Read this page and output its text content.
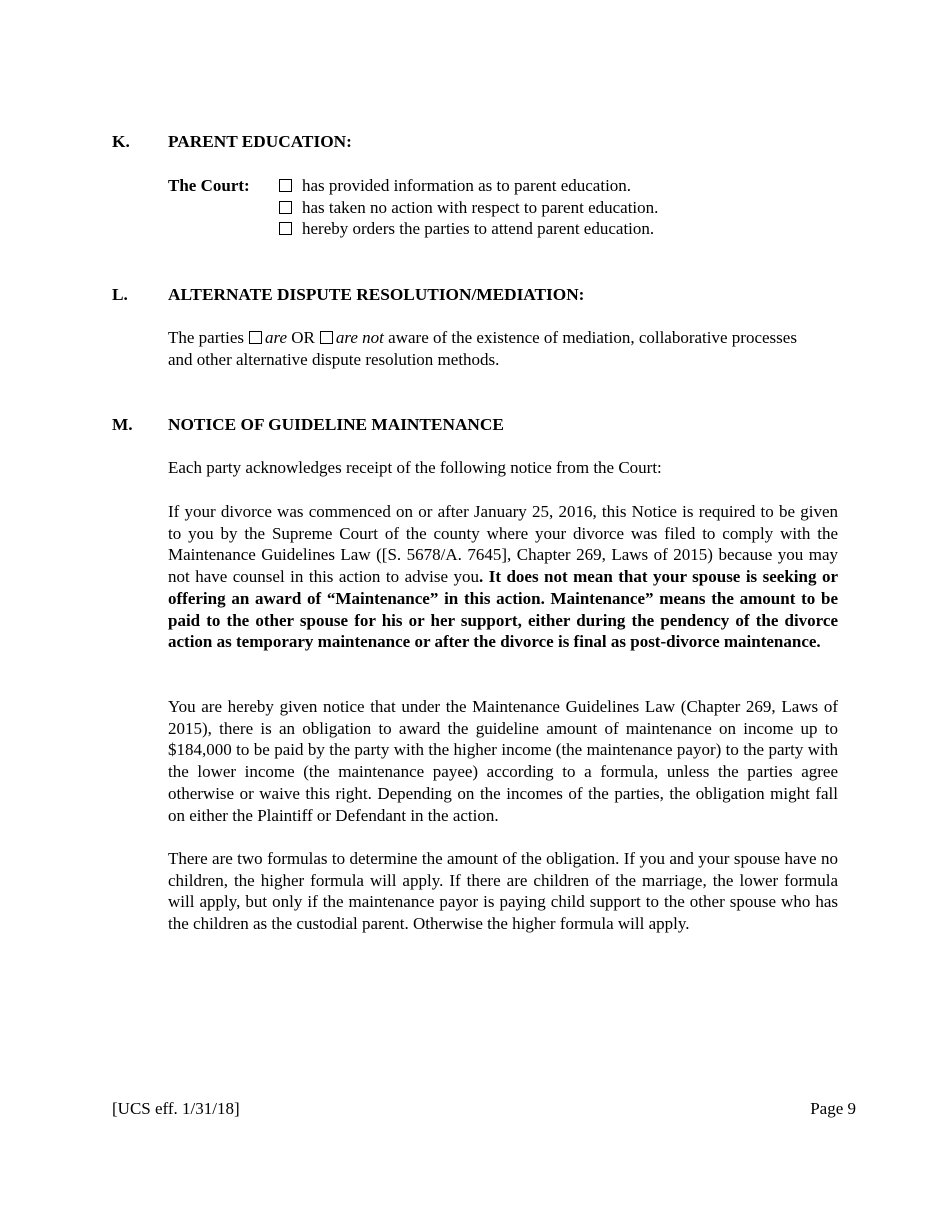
K. PARENT EDUCATION:
The Court:	has provided information as to parent education.
has taken no action with respect to parent education.
hereby orders the parties to attend parent education.
L. ALTERNATE DISPUTE RESOLUTION/MEDIATION:
The parties are OR are not aware of the existence of mediation, collaborative processes and other alternative dispute resolution methods.
M. NOTICE OF GUIDELINE MAINTENANCE
Each party acknowledges receipt of the following notice from the Court:
If your divorce was commenced on or after January 25, 2016, this Notice is required to be given to you by the Supreme Court of the county where your divorce was filed to comply with the Maintenance Guidelines Law ([S. 5678/A. 7645], Chapter 269, Laws of 2015) because you may not have counsel in this action to advise you. It does not mean that your spouse is seeking or offering an award of “Maintenance” in this action. Maintenance” means the amount to be paid to the other spouse for his or her support, either during the pendency of the divorce action as temporary maintenance or after the divorce is final as post-divorce maintenance.
You are hereby given notice that under the Maintenance Guidelines Law (Chapter 269, Laws of 2015), there is an obligation to award the guideline amount of maintenance on income up to $184,000 to be paid by the party with the higher income (the maintenance payor) to the party with the lower income (the maintenance payee) according to a formula, unless the parties agree otherwise or waive this right. Depending on the incomes of the parties, the obligation might fall on either the Plaintiff or Defendant in the action.
There are two formulas to determine the amount of the obligation. If you and your spouse have no children, the higher formula will apply. If there are children of the marriage, the lower formula will apply, but only if the maintenance payor is paying child support to the other spouse who has the children as the custodial parent. Otherwise the higher formula will apply.
[UCS eff. 1/31/18]	Page 9
